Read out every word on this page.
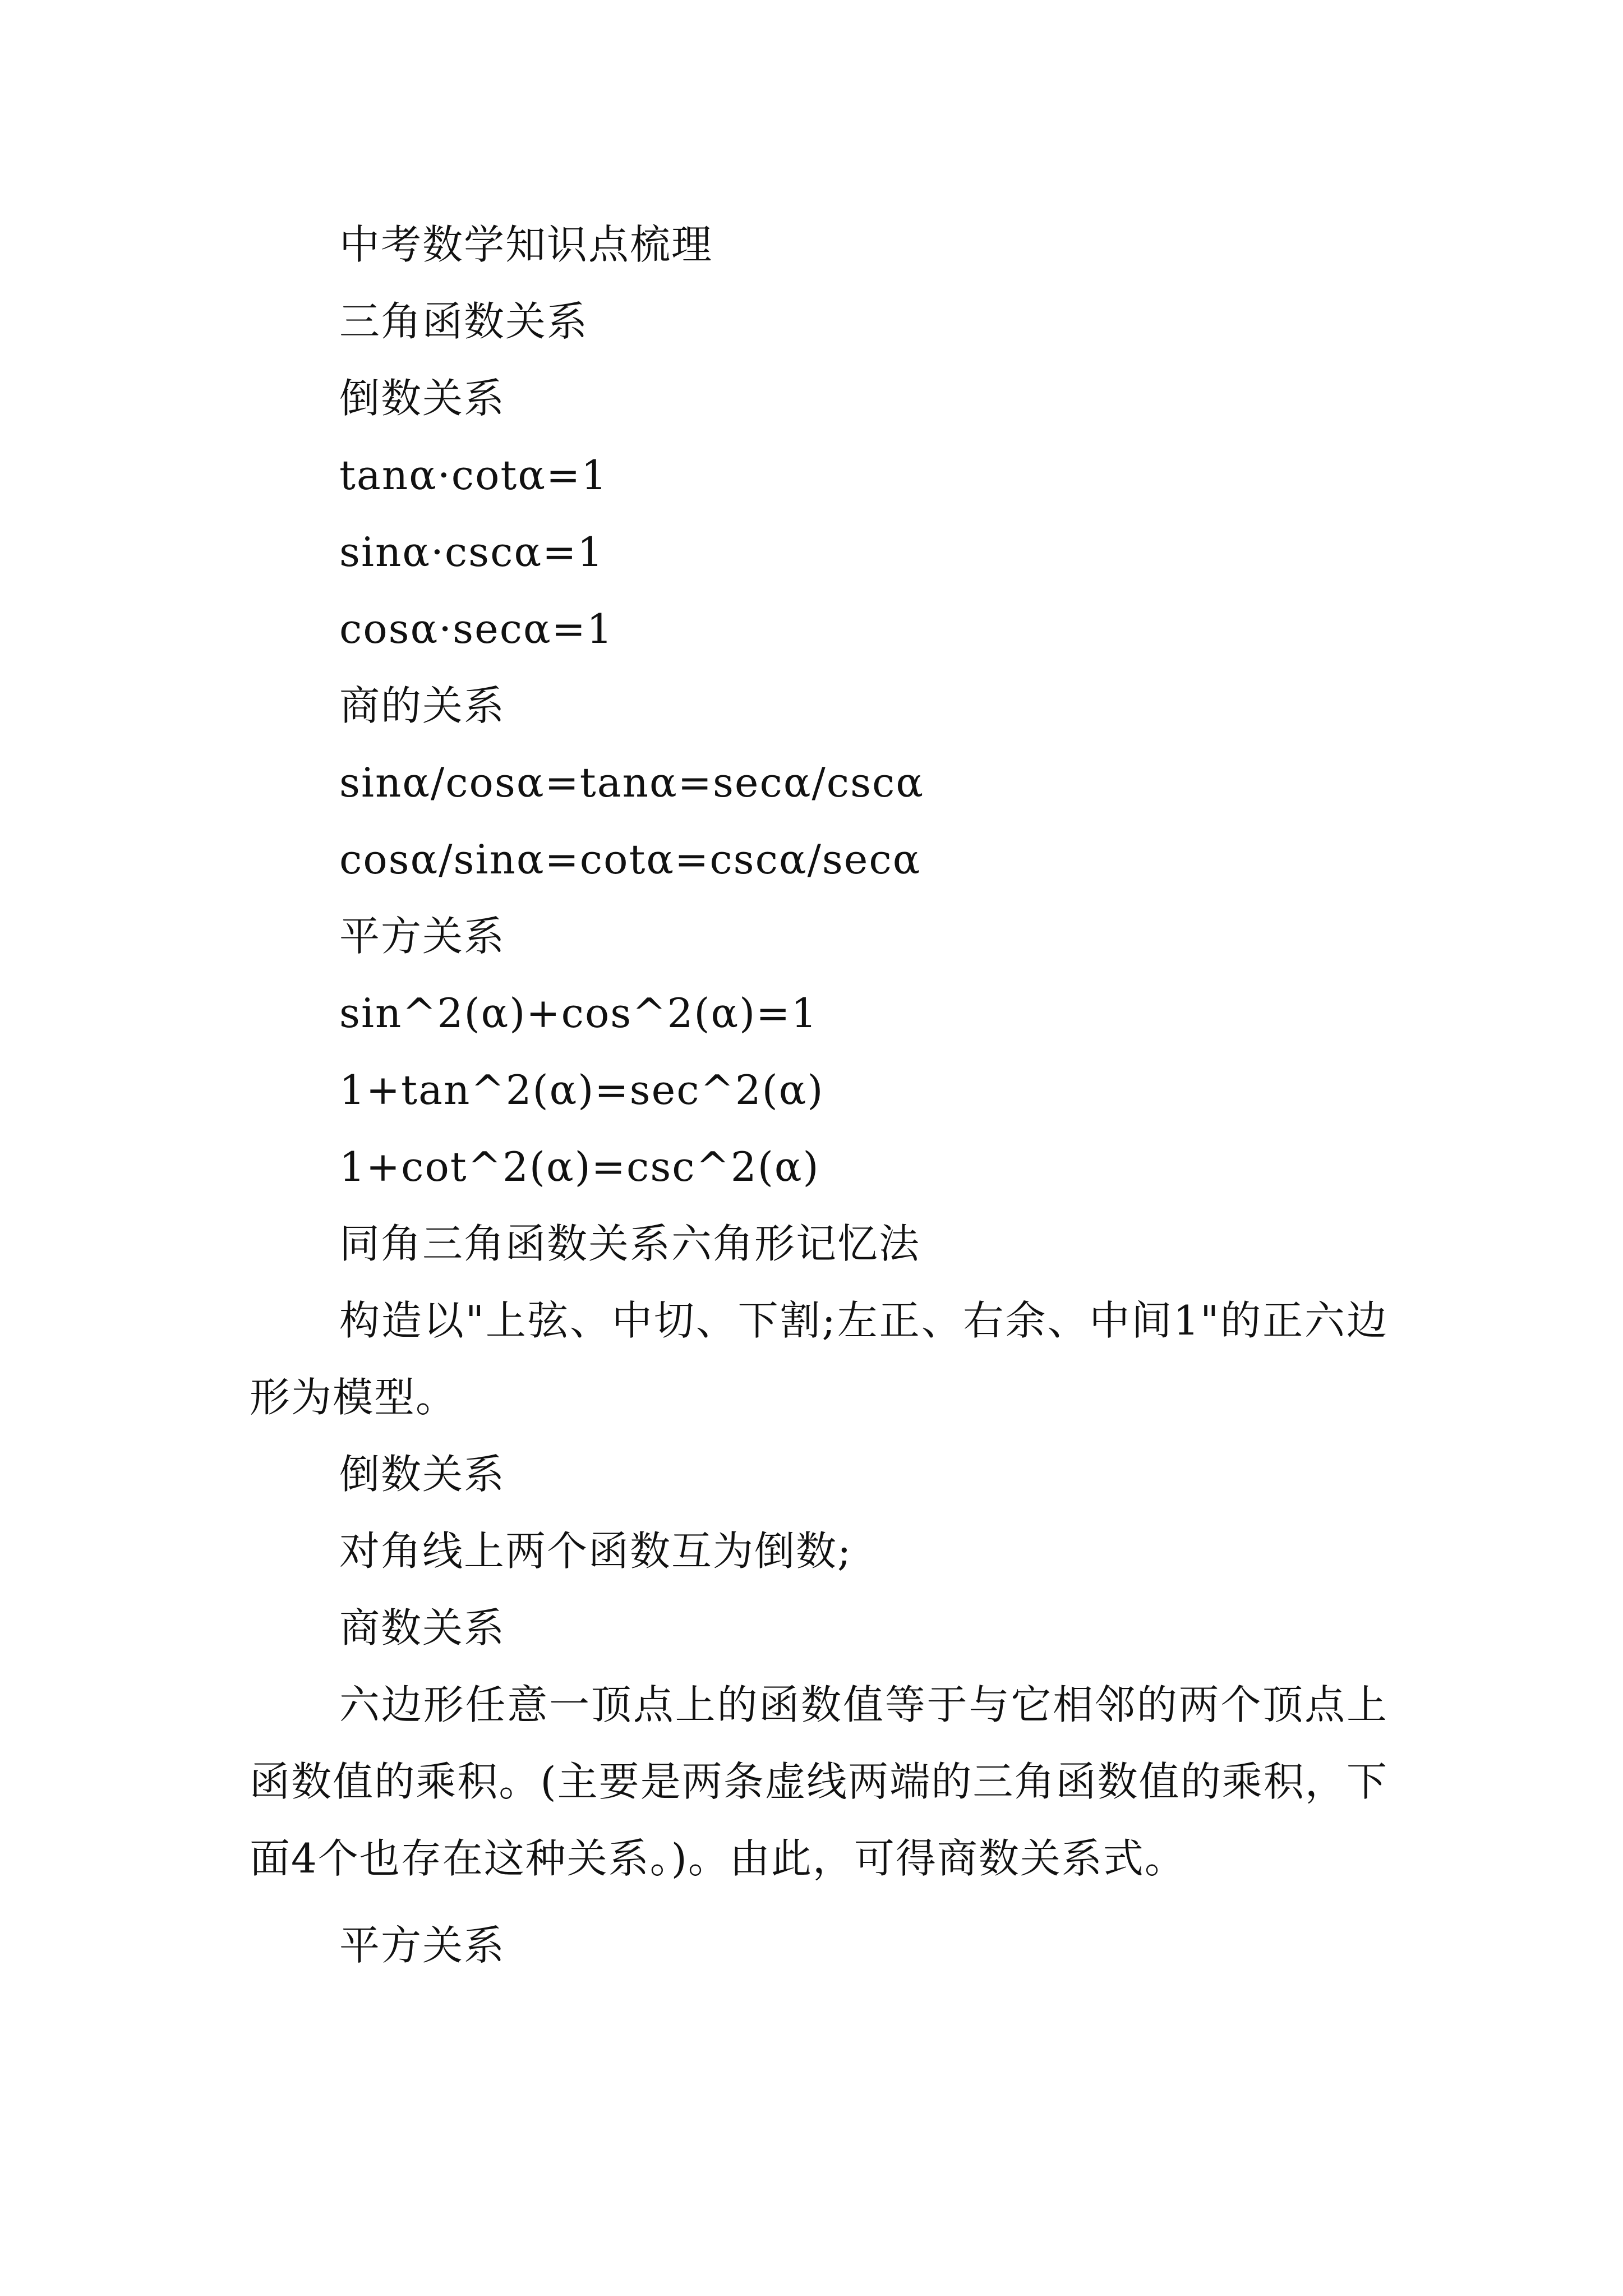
中考数学知识点梳理
三角函数关系
倒数关系
tanα·cotα=1
sinα·cscα=1
cosα·secα=1
商的关系
sinα/cosα=tanα=secα/cscα
cosα/sinα=cotα=cscα/secα
平方关系
sin^2(α)+cos^2(α)=1
1+tan^2(α)=sec^2(α)
1+cot^2(α)=csc^2(α)
同角三角函数关系六角形记忆法
构造以"上弦、中切、下割;左正、右余、中间1"的正六边形为模型。
倒数关系
对角线上两个函数互为倒数;
商数关系
六边形任意一顶点上的函数值等于与它相邻的两个顶点上函数值的乘积。(主要是两条虚线两端的三角函数值的乘积，下面4个也存在这种关系。)。由此，可得商数关系式。
平方关系
